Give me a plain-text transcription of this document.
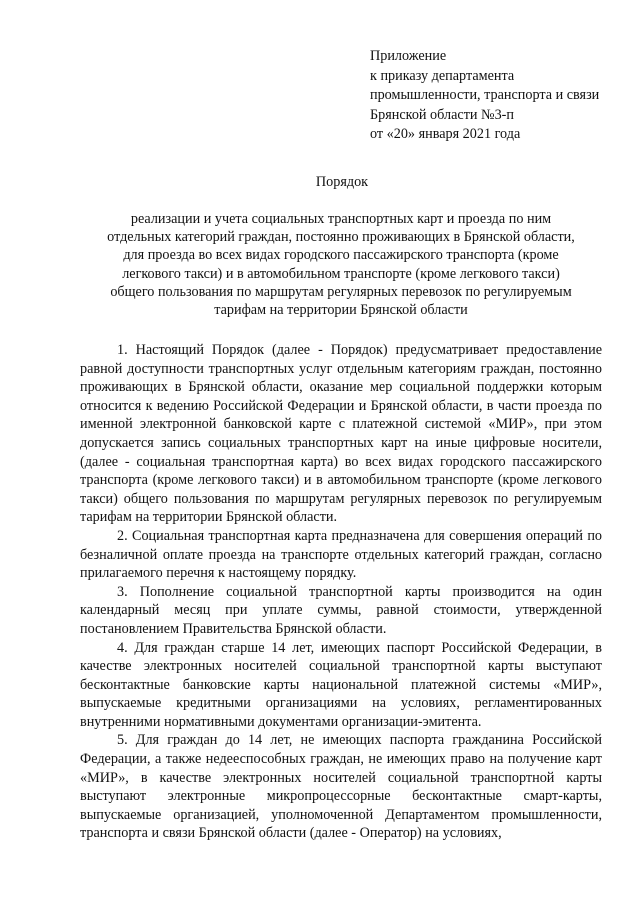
Приложение
к приказу департамента промышленности, транспорта и связи Брянской области №3-п
от «20» января 2021 года
Порядок
реализации и учета социальных транспортных карт и проезда по ним
отдельных категорий граждан, постоянно проживающих в Брянской области,
для проезда во всех видах городского пассажирского транспорта (кроме
легкового такси) и в автомобильном транспорте (кроме легкового такси)
общего пользования по маршрутам регулярных перевозок по регулируемым
тарифам на территории Брянской области

1. Настоящий Порядок (далее - Порядок) предусматривает предоставление равной доступности транспортных услуг отдельным категориям граждан, постоянно проживающих в Брянской области, оказание мер социальной поддержки которым относится к ведению Российской Федерации и Брянской области, в части проезда по именной электронной банковской карте с платежной системой «МИР», при этом допускается запись социальных транспортных карт на иные цифровые носители, (далее - социальная транспортная карта) во всех видах городского пассажирского транспорта (кроме легкового такси) и в автомобильном транспорте (кроме легкового такси) общего пользования по маршрутам регулярных перевозок по регулируемым тарифам на территории Брянской области.

2. Социальная транспортная карта предназначена для совершения операций по безналичной оплате проезда на транспорте отдельных категорий граждан, согласно прилагаемого перечня к настоящему порядку.

3. Пополнение социальной транспортной карты производится на один календарный месяц при уплате суммы, равной стоимости, утвержденной постановлением Правительства Брянской области.

4. Для граждан старше 14 лет, имеющих паспорт Российской Федерации, в качестве электронных носителей социальной транспортной карты выступают бесконтактные банковские карты национальной платежной системы «МИР», выпускаемые кредитными организациями на условиях, регламентированных внутренними нормативными документами организации-эмитента.

5. Для граждан до 14 лет, не имеющих паспорта гражданина Российской Федерации, а также недееспособных граждан, не имеющих право на получение карт «МИР», в качестве электронных носителей социальной транспортной карты выступают электронные микропроцессорные бесконтактные смарт-карты, выпускаемые организацией, уполномоченной Департаментом промышленности, транспорта и связи Брянской области (далее - Оператор) на условиях,
